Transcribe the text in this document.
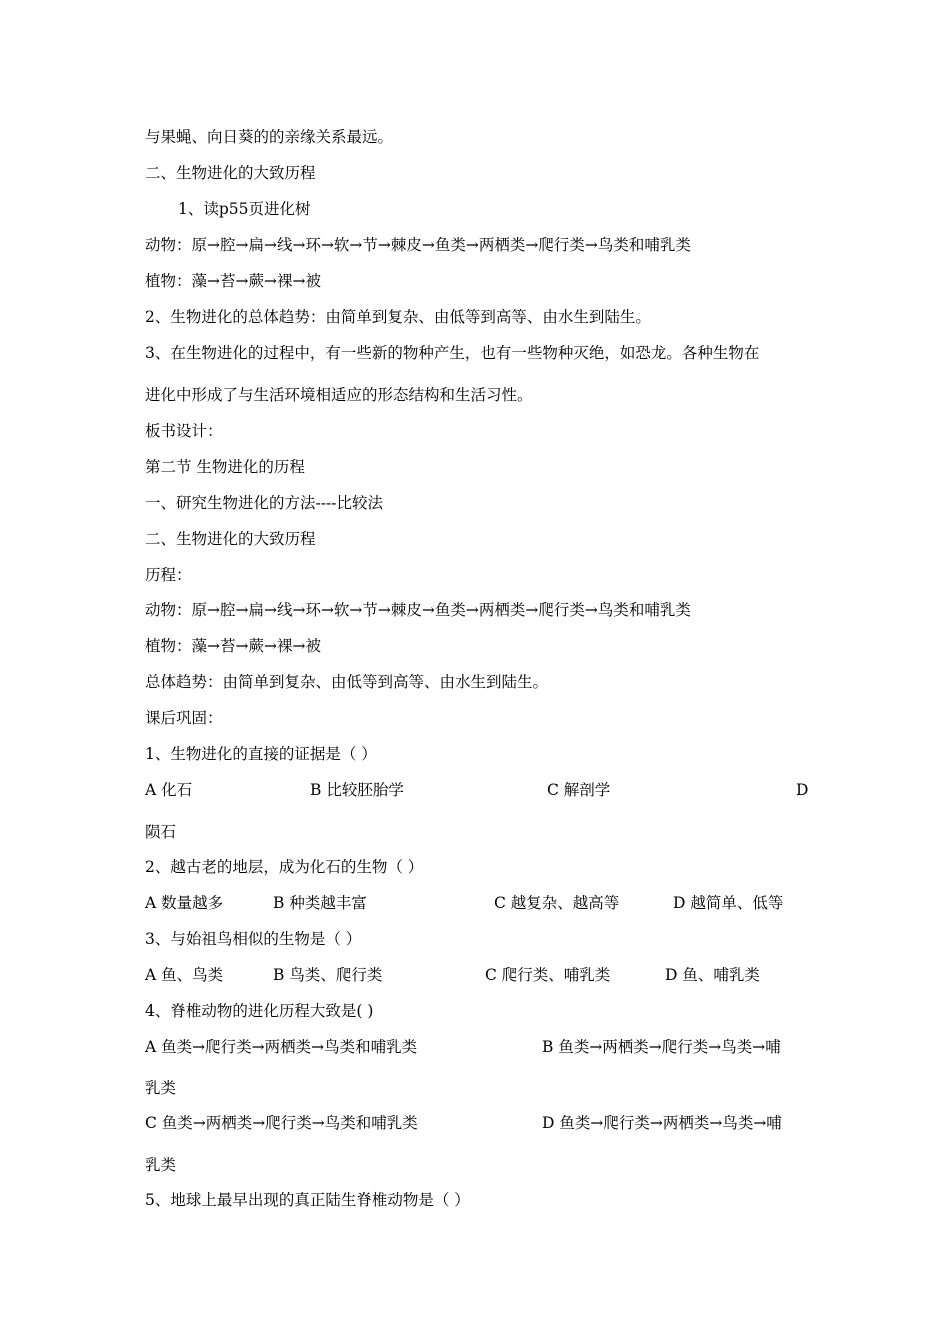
与果蝇、向日葵的的亲缘关系最远。
二、生物进化的大致历程
1、读p55页进化树
动物：原→腔→扁→线→环→软→节→棘皮→鱼类→两栖类→爬行类→鸟类和哺乳类
植物：藻→苔→蕨→裸→被
2、生物进化的总体趋势：由简单到复杂、由低等到高等、由水生到陆生。
3、在生物进化的过程中，有一些新的物种产生，也有一些物种灭绝，如恐龙。各种生物在
进化中形成了与生活环境相适应的形态结构和生活习性。
板书设计：
第二节 生物进化的历程
一、研究生物进化的方法----比较法
二、生物进化的大致历程
历程：
动物：原→腔→扁→线→环→软→节→棘皮→鱼类→两栖类→爬行类→鸟类和哺乳类
植物：藻→苔→蕨→裸→被
总体趋势：由简单到复杂、由低等到高等、由水生到陆生。
课后巩固：
1、生物进化的直接的证据是（ ）
A 化石	B 比较胚胎学	C 解剖学	D
陨石
2、越古老的地层，成为化石的生物（ ）
A 数量越多	B 种类越丰富	C 越复杂、越高等	D 越简单、低等
3、与始祖鸟相似的生物是（ ）
A 鱼、鸟类	B 鸟类、爬行类	C 爬行类、哺乳类	D 鱼、哺乳类
4、脊椎动物的进化历程大致是( )
A 鱼类→爬行类→两栖类→鸟类和哺乳类	B 鱼类→两栖类→爬行类→鸟类→哺
乳类
C 鱼类→两栖类→爬行类→鸟类和哺乳类	D 鱼类→爬行类→两栖类→鸟类→哺
乳类
5、地球上最早出现的真正陆生脊椎动物是（ ）
